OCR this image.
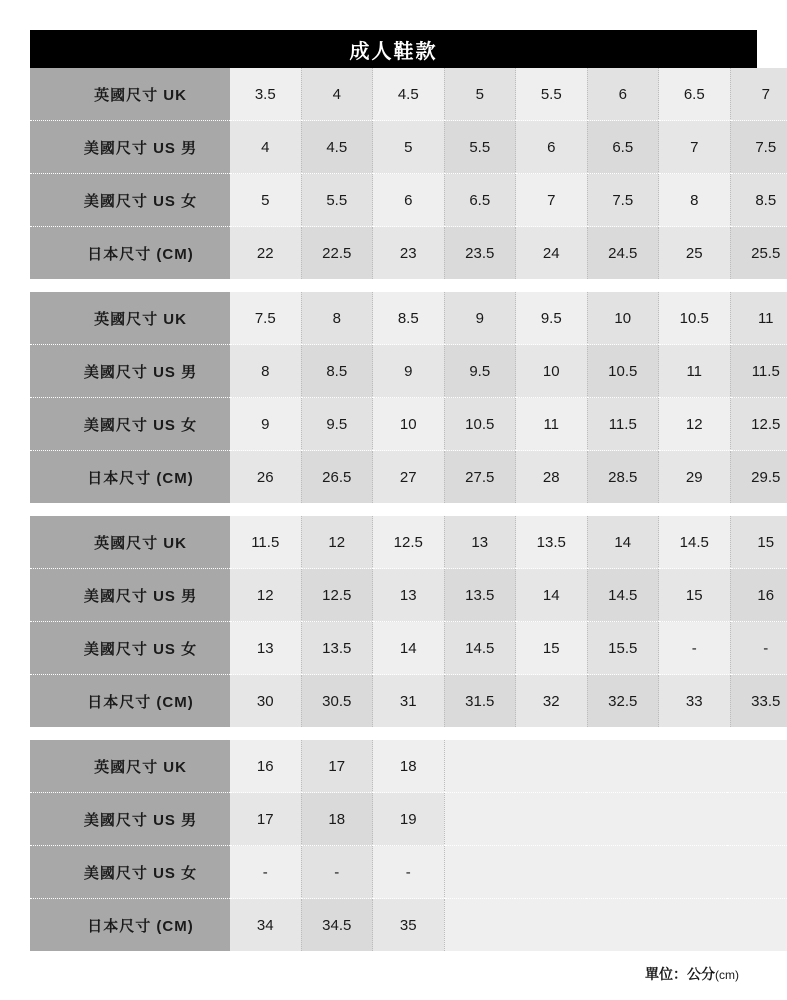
成人鞋款
英國尺寸 UK	3.5	4	4.5	5	5.5	6	6.5	7
美國尺寸 US 男	4	4.5	5	5.5	6	6.5	7	7.5
美國尺寸 US 女	5	5.5	6	6.5	7	7.5	8	8.5
日本尺寸 (CM)	22	22.5	23	23.5	24	24.5	25	25.5
英國尺寸 UK	7.5	8	8.5	9	9.5	10	10.5	11
美國尺寸 US 男	8	8.5	9	9.5	10	10.5	11	11.5
美國尺寸 US 女	9	9.5	10	10.5	11	11.5	12	12.5
日本尺寸 (CM)	26	26.5	27	27.5	28	28.5	29	29.5
英國尺寸 UK	11.5	12	12.5	13	13.5	14	14.5	15
美國尺寸 US 男	12	12.5	13	13.5	14	14.5	15	16
美國尺寸 US 女	13	13.5	14	14.5	15	15.5	-	-
日本尺寸 (CM)	30	30.5	31	31.5	32	32.5	33	33.5
英國尺寸 UK	16	17	18					
美國尺寸 US 男	17	18	19					
美國尺寸 US 女	-	-	-					
日本尺寸 (CM)	34	34.5	35					
單位：公分(cm)
